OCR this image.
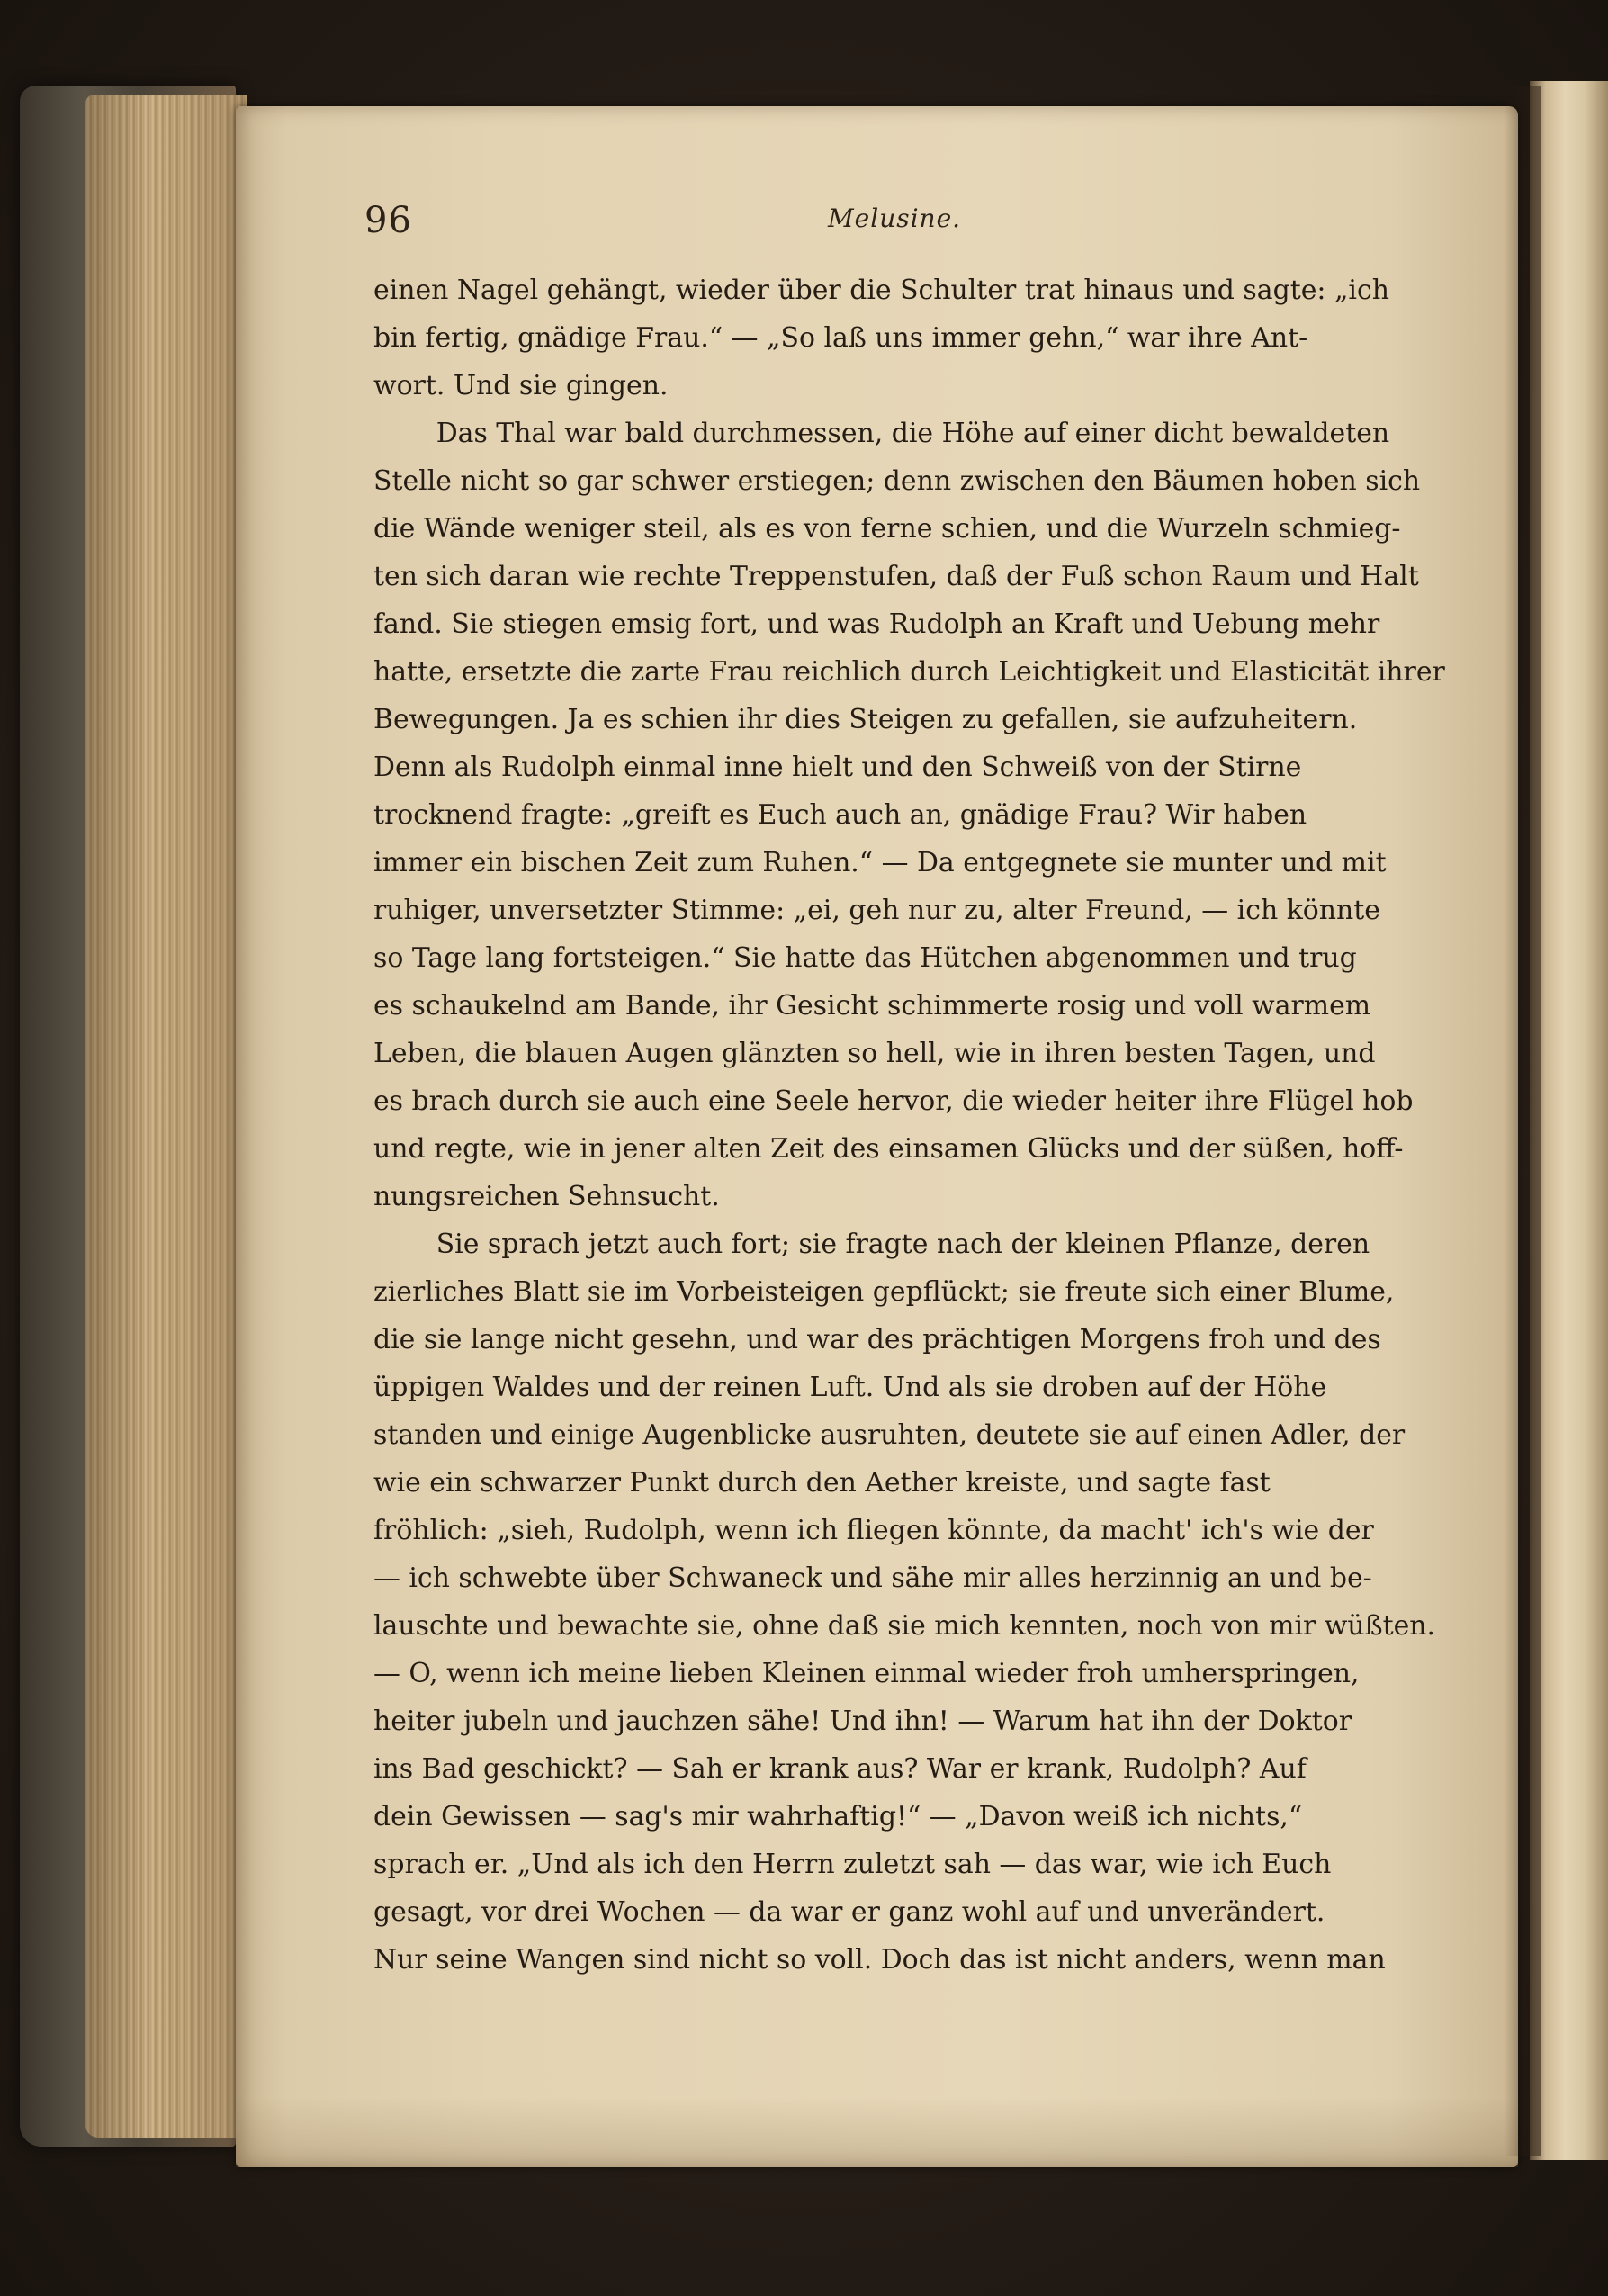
96	Melusine.
einen Nagel gehängt, wieder über die Schulter trat hinaus und sagte: „ich
bin fertig, gnädige Frau.“ — „So laß uns immer gehn,“ war ihre Ant-
wort. Und sie gingen.
Das Thal war bald durchmessen, die Höhe auf einer dicht bewaldeten
Stelle nicht so gar schwer erstiegen; denn zwischen den Bäumen hoben sich
die Wände weniger steil, als es von ferne schien, und die Wurzeln schmieg-
ten sich daran wie rechte Treppenstufen, daß der Fuß schon Raum und Halt
fand. Sie stiegen emsig fort, und was Rudolph an Kraft und Uebung mehr
hatte, ersetzte die zarte Frau reichlich durch Leichtigkeit und Elasticität ihrer
Bewegungen. Ja es schien ihr dies Steigen zu gefallen, sie aufzuheitern.
Denn als Rudolph einmal inne hielt und den Schweiß von der Stirne
trocknend fragte: „greift es Euch auch an, gnädige Frau? Wir haben
immer ein bischen Zeit zum Ruhen.“ — Da entgegnete sie munter und mit
ruhiger, unversetzter Stimme: „ei, geh nur zu, alter Freund, — ich könnte
so Tage lang fortsteigen.“ Sie hatte das Hütchen abgenommen und trug
es schaukelnd am Bande, ihr Gesicht schimmerte rosig und voll warmem
Leben, die blauen Augen glänzten so hell, wie in ihren besten Tagen, und
es brach durch sie auch eine Seele hervor, die wieder heiter ihre Flügel hob
und regte, wie in jener alten Zeit des einsamen Glücks und der süßen, hoff-
nungsreichen Sehnsucht.
Sie sprach jetzt auch fort; sie fragte nach der kleinen Pflanze, deren
zierliches Blatt sie im Vorbeisteigen gepflückt; sie freute sich einer Blume,
die sie lange nicht gesehn, und war des prächtigen Morgens froh und des
üppigen Waldes und der reinen Luft. Und als sie droben auf der Höhe
standen und einige Augenblicke ausruhten, deutete sie auf einen Adler, der
wie ein schwarzer Punkt durch den Aether kreiste, und sagte fast
fröhlich: „sieh, Rudolph, wenn ich fliegen könnte, da macht' ich's wie der
— ich schwebte über Schwaneck und sähe mir alles herzinnig an und be-
lauschte und bewachte sie, ohne daß sie mich kennten, noch von mir wüßten.
— O, wenn ich meine lieben Kleinen einmal wieder froh umherspringen,
heiter jubeln und jauchzen sähe! Und ihn! — Warum hat ihn der Doktor
ins Bad geschickt? — Sah er krank aus? War er krank, Rudolph? Auf
dein Gewissen — sag's mir wahrhaftig!“ — „Davon weiß ich nichts,“
sprach er. „Und als ich den Herrn zuletzt sah — das war, wie ich Euch
gesagt, vor drei Wochen — da war er ganz wohl auf und unverändert.
Nur seine Wangen sind nicht so voll. Doch das ist nicht anders, wenn man
